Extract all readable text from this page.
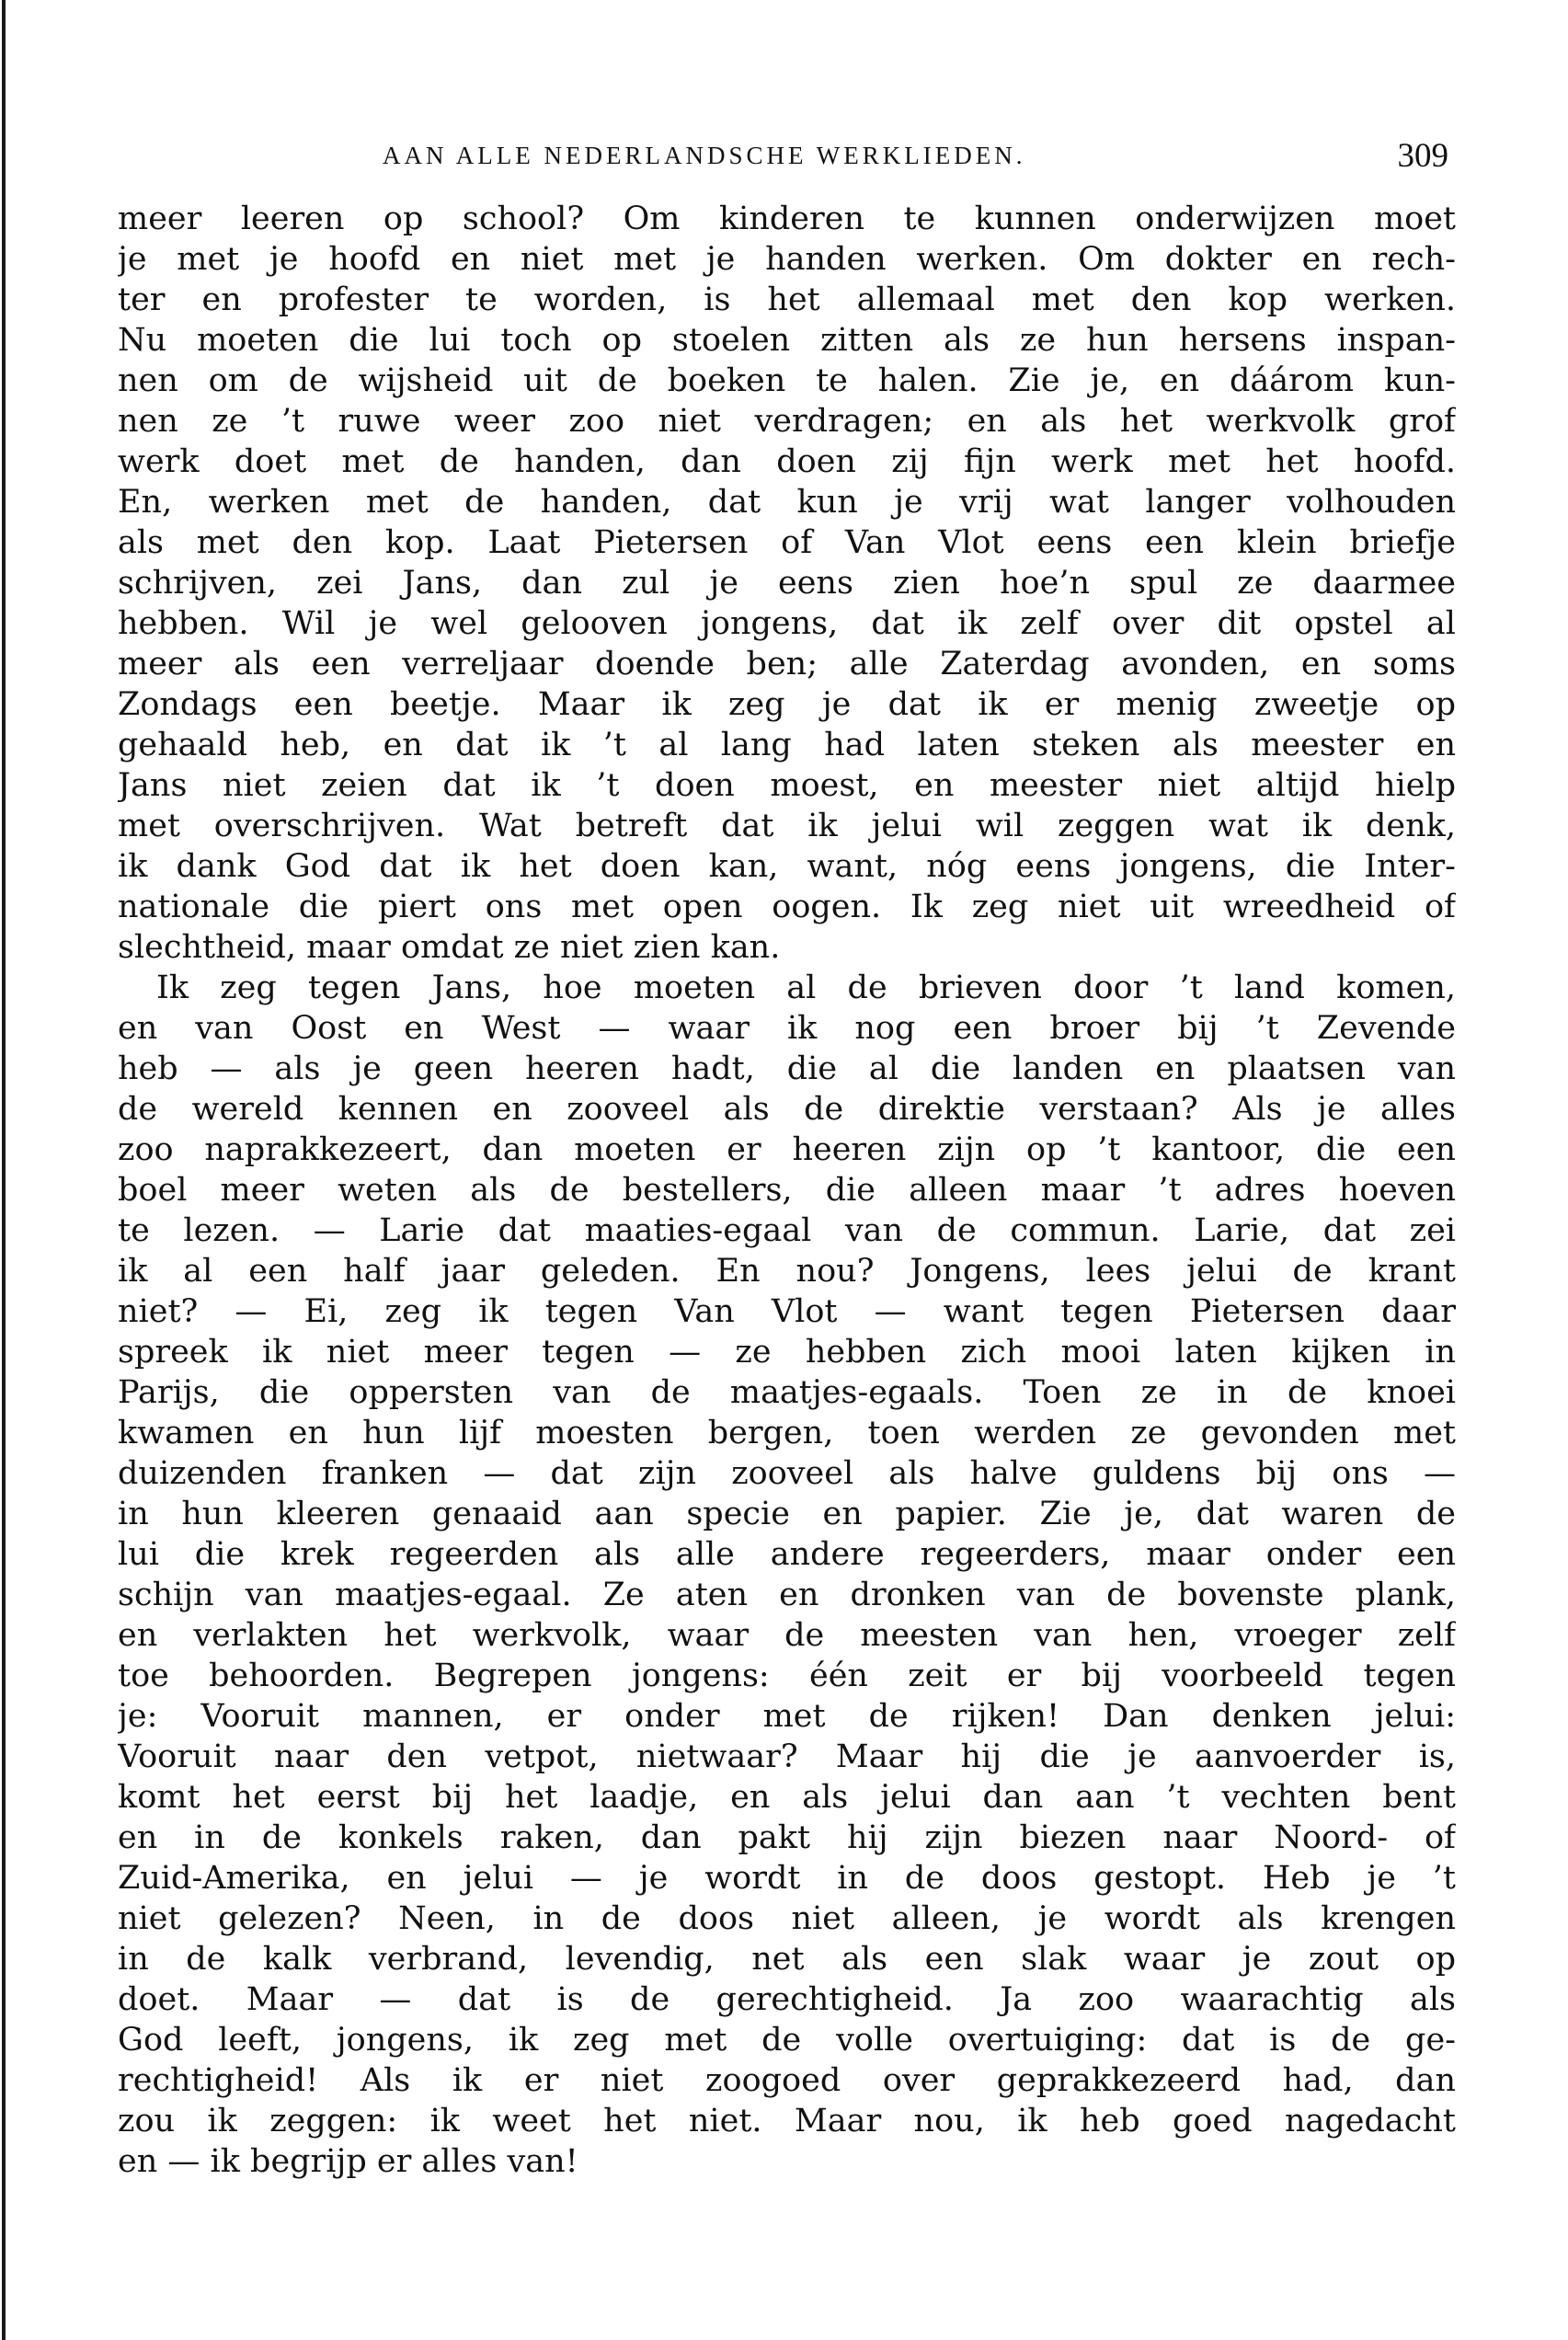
AAN ALLE NEDERLANDSCHE WERKLIEDEN.	309
meer leeren op school? Om kinderen te kunnen onderwijzen moet
je met je hoofd en niet met je handen werken. Om dokter en rech-
ter en profester te worden, is het allemaal met den kop werken.
Nu moeten die lui toch op stoelen zitten als ze hun hersens inspan-
nen om de wijsheid uit de boeken te halen. Zie je, en dáárom kun-
nen ze ’t ruwe weer zoo niet verdragen; en als het werkvolk grof
werk doet met de handen, dan doen zij fijn werk met het hoofd.
En, werken met de handen, dat kun je vrij wat langer volhouden
als met den kop. Laat Pietersen of Van Vlot eens een klein briefje
schrijven, zei Jans, dan zul je eens zien hoe’n spul ze daarmee
hebben. Wil je wel gelooven jongens, dat ik zelf over dit opstel al
meer als een verreljaar doende ben; alle Zaterdag avonden, en soms
Zondags een beetje. Maar ik zeg je dat ik er menig zweetje op
gehaald heb, en dat ik ’t al lang had laten steken als meester en
Jans niet zeien dat ik ’t doen moest, en meester niet altijd hielp
met overschrijven. Wat betreft dat ik jelui wil zeggen wat ik denk,
ik dank God dat ik het doen kan, want, nóg eens jongens, die Inter-
nationale die piert ons met open oogen. Ik zeg niet uit wreedheid of
slechtheid, maar omdat ze niet zien kan.
Ik zeg tegen Jans, hoe moeten al de brieven door ’t land komen,
en van Oost en West — waar ik nog een broer bij ’t Zevende
heb — als je geen heeren hadt, die al die landen en plaatsen van
de wereld kennen en zooveel als de direktie verstaan? Als je alles
zoo naprakkezeert, dan moeten er heeren zijn op ’t kantoor, die een
boel meer weten als de bestellers, die alleen maar ’t adres hoeven
te lezen. — Larie dat maaties-egaal van de commun. Larie, dat zei
ik al een half jaar geleden. En nou? Jongens, lees jelui de krant
niet? — Ei, zeg ik tegen Van Vlot — want tegen Pietersen daar
spreek ik niet meer tegen — ze hebben zich mooi laten kijken in
Parijs, die oppersten van de maatjes-egaals. Toen ze in de knoei
kwamen en hun lijf moesten bergen, toen werden ze gevonden met
duizenden franken — dat zijn zooveel als halve guldens bij ons —
in hun kleeren genaaid aan specie en papier. Zie je, dat waren de
lui die krek regeerden als alle andere regeerders, maar onder een
schijn van maatjes-egaal. Ze aten en dronken van de bovenste plank,
en verlakten het werkvolk, waar de meesten van hen, vroeger zelf
toe behoorden. Begrepen jongens: één zeit er bij voorbeeld tegen
je: Vooruit mannen, er onder met de rijken! Dan denken jelui:
Vooruit naar den vetpot, nietwaar? Maar hij die je aanvoerder is,
komt het eerst bij het laadje, en als jelui dan aan ’t vechten bent
en in de konkels raken, dan pakt hij zijn biezen naar Noord- of
Zuid-Amerika, en jelui — je wordt in de doos gestopt. Heb je ’t
niet gelezen? Neen, in de doos niet alleen, je wordt als krengen
in de kalk verbrand, levendig, net als een slak waar je zout op
doet. Maar — dat is de gerechtigheid. Ja zoo waarachtig als
God leeft, jongens, ik zeg met de volle overtuiging: dat is de ge-
rechtigheid! Als ik er niet zoogoed over geprakkezeerd had, dan
zou ik zeggen: ik weet het niet. Maar nou, ik heb goed nagedacht
en — ik begrijp er alles van!
